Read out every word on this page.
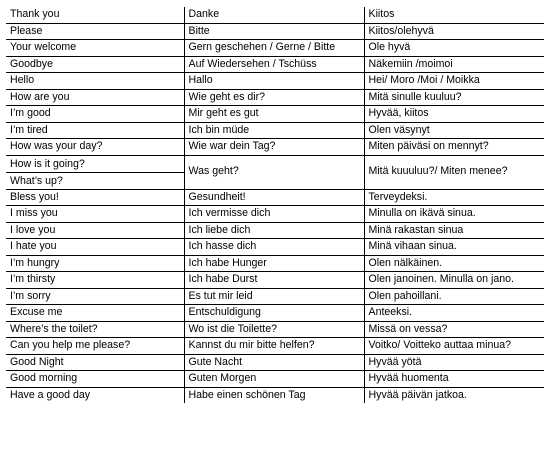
Thank you	Danke	Kiitos
Please	Bitte	Kiitos/olehyvä
Your welcome	Gern geschehen / Gerne / Bitte	Ole hyvä
Goodbye	Auf Wiedersehen / Tschüss	Näkemiin /moimoi
Hello	Hallo	Hei/ Moro /Moi / Moikka
How are you	Wie geht es dir?	Mitä sinulle kuuluu?
I’m good	Mir geht es gut	Hyvää, kiitos
I’m tired	Ich bin müde	Olen väsynyt
How was your day?	Wie war dein Tag?	Miten päiväsi on mennyt?

How is it going?
What’s up?	Was geht?	Mitä kuuuluu?/ Miten menee?
Bless you!	Gesundheit!	Terveydeksi.
I miss you	Ich vermisse dich	Minulla on ikävä sinua.
I love you	Ich liebe dich	Minä rakastan sinua
I hate you	Ich hasse dich	Minä vihaan sinua.
I’m hungry	Ich habe Hunger	Olen nälkäinen.
I’m thirsty	Ich habe Durst	Olen janoinen. Minulla on jano.
I’m sorry	Es tut mir leid	Olen pahoillani.
Excuse me	Entschuldigung	Anteeksi.
Where’s the toilet?	Wo ist die Toilette?	Missä on vessa?
Can you help me please?	Kannst du mir bitte helfen?	Voitko/ Voitteko auttaa minua?
Good Night	Gute Nacht	Hyvää yötä
Good morning	Guten Morgen	Hyvää huomenta
Have a good day	Habe einen schönen Tag	Hyvää päivän jatkoa.
